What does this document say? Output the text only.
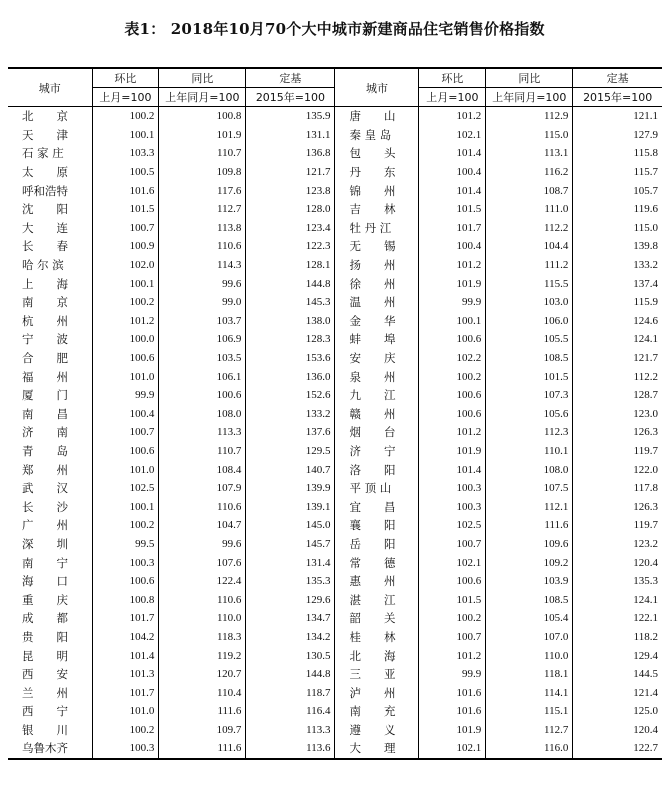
表1： 2018年10月70个大中城市新建商品住宅销售价格指数
城市	环比	同比	定基	城市	环比	同比	定基
	上月=100	上年同月=100	2015年=100		上月=100	上年同月=100	2015年=100
北　　京	100.2	100.8	135.9	唐　　山	101.2	112.9	121.1
天　　津	100.1	101.9	131.1	秦 皇 岛	102.1	115.0	127.9
石 家 庄	103.3	110.7	136.8	包　　头	101.4	113.1	115.8
太　　原	100.5	109.8	121.7	丹　　东	100.4	116.2	115.7
呼和浩特	101.6	117.6	123.8	锦　　州	101.4	108.7	105.7
沈　　阳	101.5	112.7	128.0	吉　　林	101.5	111.0	119.6
大　　连	100.7	113.8	123.4	牡 丹 江	101.7	112.2	115.0
长　　春	100.9	110.6	122.3	无　　锡	100.4	104.4	139.8
哈 尔 滨	102.0	114.3	128.1	扬　　州	101.2	111.2	133.2
上　　海	100.1	99.6	144.8	徐　　州	101.9	115.5	137.4
南　　京	100.2	99.0	145.3	温　　州	99.9	103.0	115.9
杭　　州	101.2	103.7	138.0	金　　华	100.1	106.0	124.6
宁　　波	100.0	106.9	128.3	蚌　　埠	100.6	105.5	124.1
合　　肥	100.6	103.5	153.6	安　　庆	102.2	108.5	121.7
福　　州	101.0	106.1	136.0	泉　　州	100.2	101.5	112.2
厦　　门	99.9	100.6	152.6	九　　江	100.6	107.3	128.7
南　　昌	100.4	108.0	133.2	赣　　州	100.6	105.6	123.0
济　　南	100.7	113.3	137.6	烟　　台	101.2	112.3	126.3
青　　岛	100.6	110.7	129.5	济　　宁	101.9	110.1	119.7
郑　　州	101.0	108.4	140.7	洛　　阳	101.4	108.0	122.0
武　　汉	102.5	107.9	139.9	平 顶 山	100.3	107.5	117.8
长　　沙	100.1	110.6	139.1	宜　　昌	100.3	112.1	126.3
广　　州	100.2	104.7	145.0	襄　　阳	102.5	111.6	119.7
深　　圳	99.5	99.6	145.7	岳　　阳	100.7	109.6	123.2
南　　宁	100.3	107.6	131.4	常　　德	102.1	109.2	120.4
海　　口	100.6	122.4	135.3	惠　　州	100.6	103.9	135.3
重　　庆	100.8	110.6	129.6	湛　　江	101.5	108.5	124.1
成　　都	101.7	110.0	134.7	韶　　关	100.2	105.4	122.1
贵　　阳	104.2	118.3	134.2	桂　　林	100.7	107.0	118.2
昆　　明	101.4	119.2	130.5	北　　海	101.2	110.0	129.4
西　　安	101.3	120.7	144.8	三　　亚	99.9	118.1	144.5
兰　　州	101.7	110.4	118.7	泸　　州	101.6	114.1	121.4
西　　宁	101.0	111.6	116.4	南　　充	101.6	115.1	125.0
银　　川	100.2	109.7	113.3	遵　　义	101.9	112.7	120.4
乌鲁木齐	100.3	111.6	113.6	大　　理	102.1	116.0	122.7
